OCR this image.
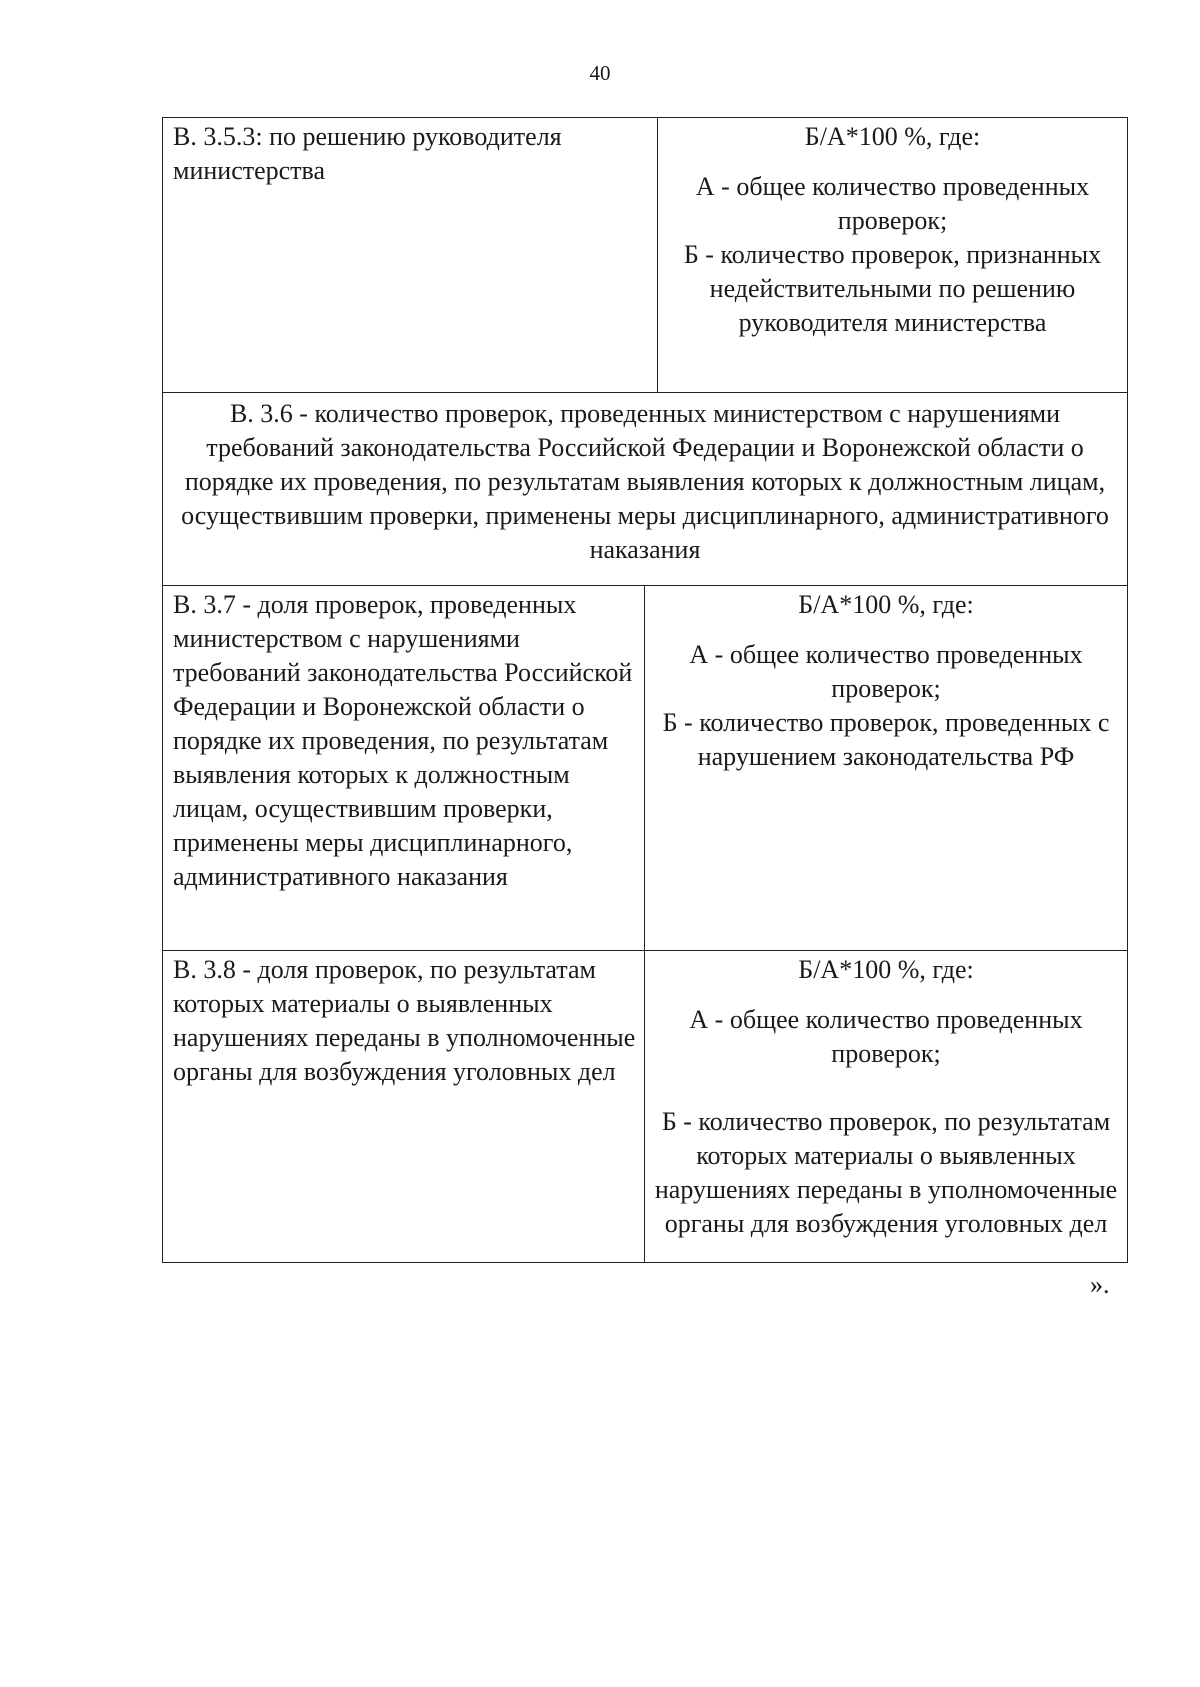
40

В. 3.5.3: по решению руководителя министерства

Б/А*100 %, где:

А - общее количество проведенных проверок;

Б - количество проверок, признанных недействительными по решению руководителя министерства

В. 3.6 - количество проверок, проведенных министерством с нарушениями требований законодательства Российской Федерации и Воронежской области о порядке их проведения, по результатам выявления которых к должностным лицам, осуществившим проверки, применены меры дисциплинарного, административного наказания

В. 3.7 - доля проверок, проведенных министерством с нарушениями требований законодательства Российской Федерации и Воронежской области о порядке их проведения, по результатам выявления которых к должностным лицам, осуществившим проверки, применены меры дисциплинарного, административного наказания

Б/А*100 %, где:

А - общее количество проведенных проверок;

Б - количество проверок, проведенных с нарушением законодательства РФ

В. 3.8 - доля проверок, по результатам которых материалы о выявленных нарушениях переданы в уполномоченные органы для возбуждения уголовных дел

Б/А*100 %, где:

А - общее количество проведенных проверок;

Б - количество проверок, по результатам которых материалы о выявленных нарушениях переданы в уполномоченные органы для возбуждения уголовных дел

».
